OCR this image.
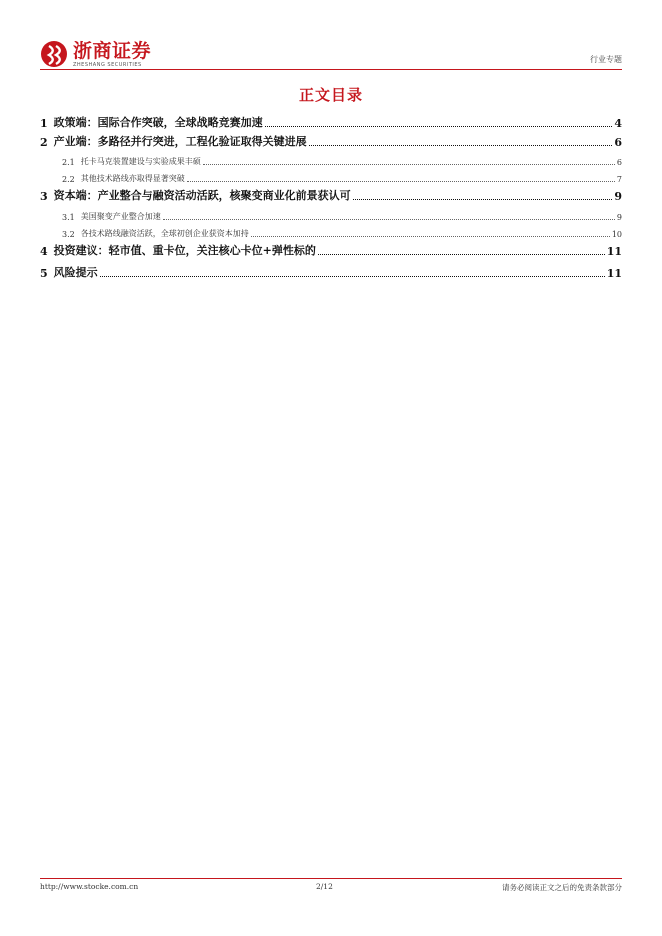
浙商证券
ZHESHANG SECURITIES
行业专题
正文目录
1 政策端：国际合作突破，全球战略竞赛加速	4
2 产业端：多路径并行突进，工程化验证取得关键进展	6
2.1 托卡马克装置建设与实验成果丰硕	6
2.2 其他技术路线亦取得显著突破	7
3 资本端：产业整合与融资活动活跃，核聚变商业化前景获认可	9
3.1 美国聚变产业整合加速	9
3.2 各技术路线融资活跃，全球初创企业获资本加持	10
4 投资建议：轻市值、重卡位，关注核心卡位+弹性标的	11
5 风险提示	11
http://www.stocke.com.cn	2/12	请务必阅读正文之后的免责条款部分
